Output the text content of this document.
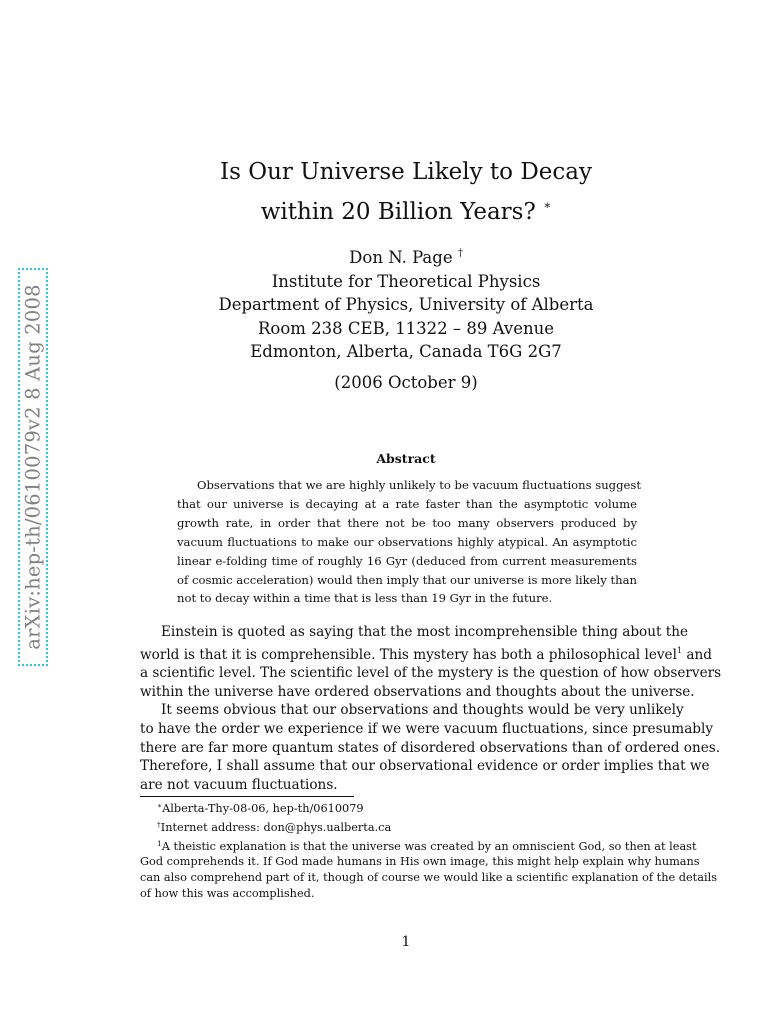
arXiv:hep-th/0610079v2 8 Aug 2008
Is Our Universe Likely to Decay
within 20 Billion Years? ∗
Don N. Page †
Institute for Theoretical Physics
Department of Physics, University of Alberta
Room 238 CEB, 11322 – 89 Avenue
Edmonton, Alberta, Canada T6G 2G7
(2006 October 9)
Abstract
Observations that we are highly unlikely to be vacuum fluctuations suggest
that our universe is decaying at a rate faster than the asymptotic volume
growth rate, in order that there not be too many observers produced by
vacuum fluctuations to make our observations highly atypical. An asymptotic
linear e-folding time of roughly 16 Gyr (deduced from current measurements
of cosmic acceleration) would then imply that our universe is more likely than
not to decay within a time that is less than 19 Gyr in the future.
Einstein is quoted as saying that the most incomprehensible thing about the
world is that it is comprehensible. This mystery has both a philosophical level$^1$ and
a scientific level. The scientific level of the mystery is the question of how observers
within the universe have ordered observations and thoughts about the universe.
It seems obvious that our observations and thoughts would be very unlikely
to have the order we experience if we were vacuum fluctuations, since presumably
there are far more quantum states of disordered observations than of ordered ones.
Therefore, I shall assume that our observational evidence or order implies that we
are not vacuum fluctuations.
∗Alberta-Thy-08-06, hep-th/0610079
†Internet address: don@phys.ualberta.ca
$^1$A theistic explanation is that the universe was created by an omniscient God, so then at least
God comprehends it. If God made humans in His own image, this might help explain why humans
can also comprehend part of it, though of course we would like a scientific explanation of the details
of how this was accomplished.
1
